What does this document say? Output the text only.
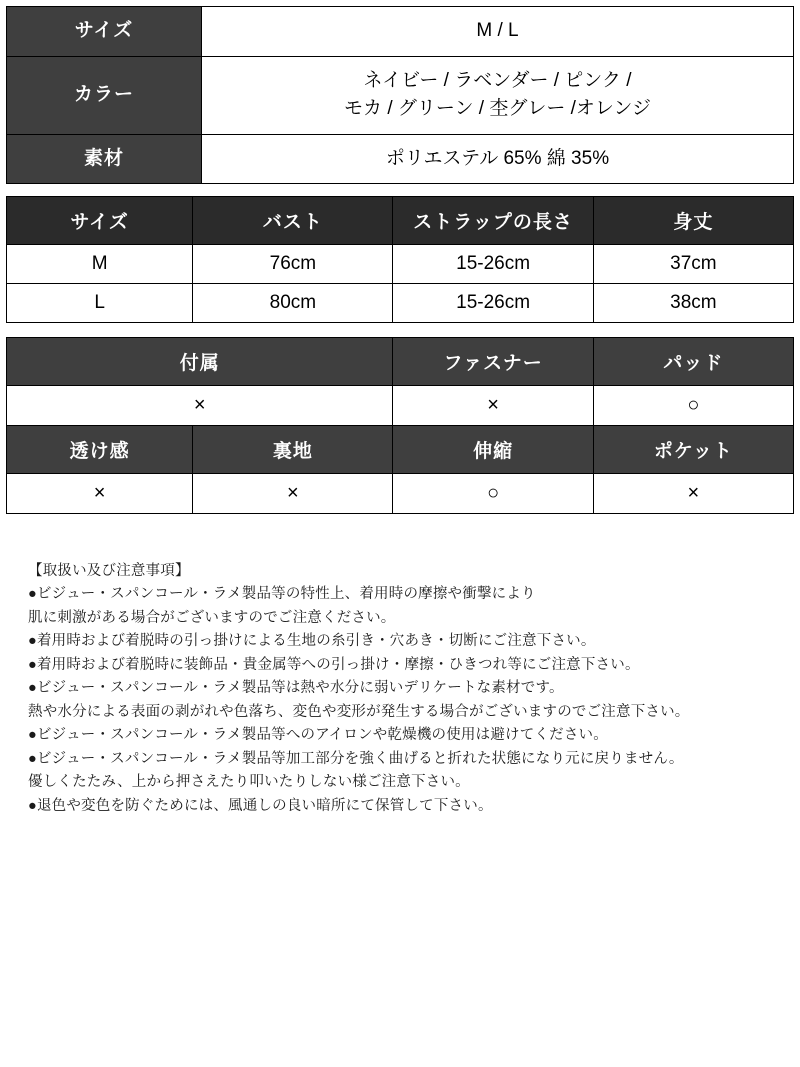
サイズ	M / L

カラー	ネイビー / ラベンダー / ピンク /
モカ / グリーン / 杢グレー /オレンジ

素材	ポリエステル 65% 綿 35%
サイズ	バスト	ストラップの長さ	身丈
M	76cm	15-26cm	37cm
L	80cm	15-26cm	38cm
付属		ファスナー	パッド
×		×	○
透け感	裏地	伸縮	ポケット
×	×	○	×
【取扱い及び注意事項】
●ビジュー・スパンコール・ラメ製品等の特性上、着用時の摩擦や衝撃により
肌に刺激がある場合がございますのでご注意ください。
●着用時および着脱時の引っ掛けによる生地の糸引き・穴あき・切断にご注意下さい。
●着用時および着脱時に装飾品・貴金属等への引っ掛け・摩擦・ひきつれ等にご注意下さい。
●ビジュー・スパンコール・ラメ製品等は熱や水分に弱いデリケートな素材です。
熱や水分による表面の剥がれや色落ち、変色や変形が発生する場合がございますのでご注意下さい。
●ビジュー・スパンコール・ラメ製品等へのアイロンや乾燥機の使用は避けてください。
●ビジュー・スパンコール・ラメ製品等加工部分を強く曲げると折れた状態になり元に戻りません。
優しくたたみ、上から押さえたり叩いたりしない様ご注意下さい。
●退色や変色を防ぐためには、風通しの良い暗所にて保管して下さい。
